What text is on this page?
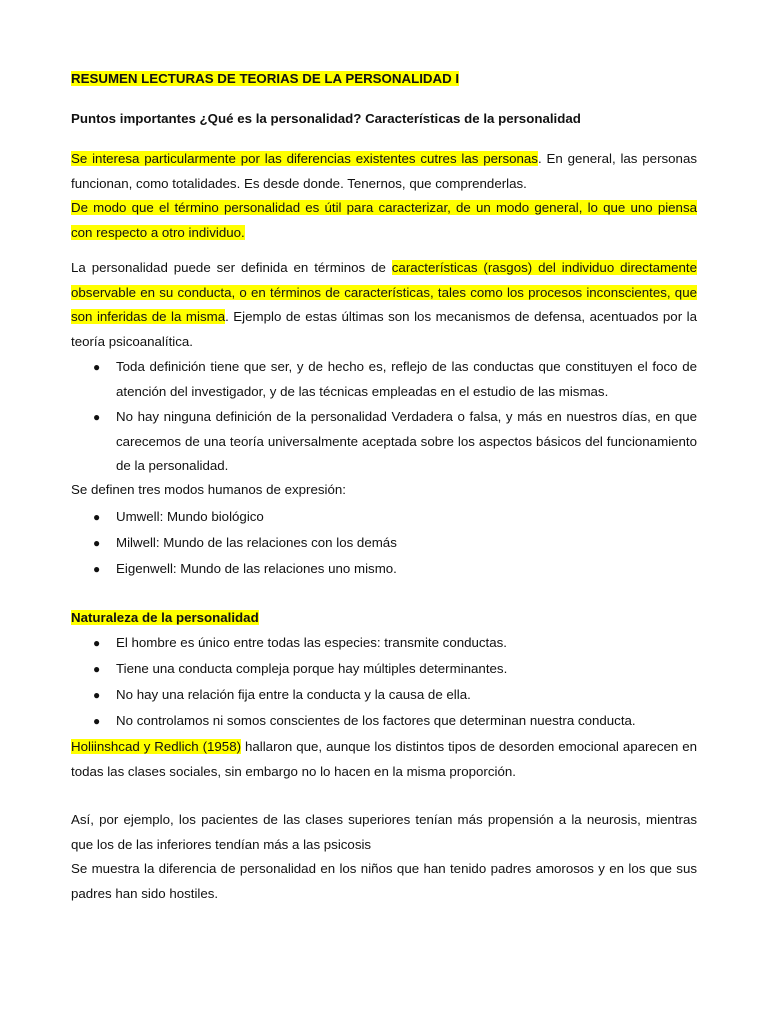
RESUMEN LECTURAS DE TEORIAS DE LA PERSONALIDAD I

Puntos importantes ¿Qué es la personalidad? Características de la personalidad

Se interesa particularmente por las diferencias existentes cutres las personas. En general, las personas funcionan, como totalidades. Es desde donde. Tenernos, que comprenderlas.
De modo que el término personalidad es útil para caracterizar, de un modo general, lo que uno piensa con respecto a otro individuo.

La personalidad puede ser definida en términos de características (rasgos) del individuo directamente observable en su conducta, o en términos de características, tales como los procesos inconscientes, que son inferidas de la misma. Ejemplo de estas últimas son los mecanismos de defensa, acentuados por la teoría psicoanalítica.

● Toda definición tiene que ser, y de hecho es, reflejo de las conductas que constituyen el foco de atención del investigador, y de las técnicas empleadas en el estudio de las mismas.
● No hay ninguna definición de la personalidad Verdadera o falsa, y más en nuestros días, en que carecemos de una teoría universalmente aceptada sobre los aspectos básicos del funcionamiento de la personalidad.

Se definen tres modos humanos de expresión:

● Umwell: Mundo biológico
● Milwell: Mundo de las relaciones con los demás
● Eigenwell: Mundo de las relaciones uno mismo.

Naturaleza de la personalidad

● El hombre es único entre todas las especies: transmite conductas.
● Tiene una conducta compleja porque hay múltiples determinantes.
● No hay una relación fija entre la conducta y la causa de ella.
● No controlamos ni somos conscientes de los factores que determinan nuestra conducta.

Holiinshcad y Redlich (1958) hallaron que, aunque los distintos tipos de desorden emocional aparecen en todas las clases sociales, sin embargo no lo hacen en la misma proporción.

Así, por ejemplo, los pacientes de las clases superiores tenían más propensión a la neurosis, mientras que los de las inferiores tendían más a las psicosis

Se muestra la diferencia de personalidad en los niños que han tenido padres amorosos y en los que sus padres han sido hostiles.
